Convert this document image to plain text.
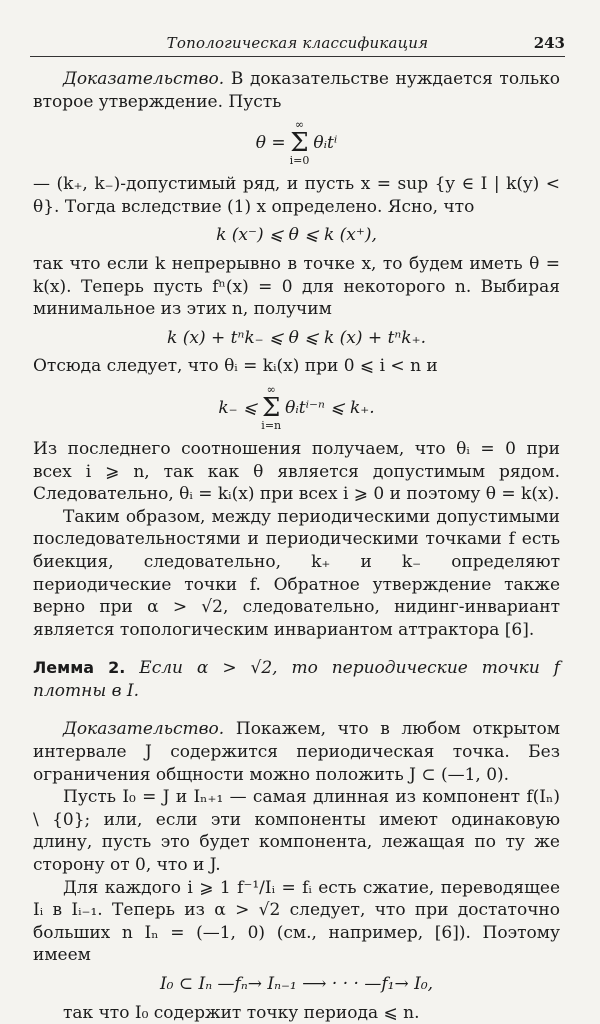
Топологическая классификация	243

Доказательство. В доказательстве нуждается только второе утверждение. Пусть

θ =
∞
Σ
i=0
θᵢtⁱ

— (k₊, k₋)-допустимый ряд, и пусть x = sup {y ∈ I | k(y) < θ}. Тогда вследствие (1) x определено. Ясно, что

k (x⁻) ⩽ θ ⩽ k (x⁺),

так что если k непрерывно в точке x, то будем иметь θ = k(x). Теперь пусть fⁿ(x) = 0 для некоторого n. Выбирая минимальное из этих n, получим

k (x) + tⁿk₋ ⩽ θ ⩽ k (x) + tⁿk₊.

Отсюда следует, что θᵢ = kᵢ(x) при 0 ⩽ i < n и

k₋ ⩽
∞
Σ
i=n
θᵢtⁱ⁻ⁿ ⩽ k₊.

Из последнего соотношения получаем, что θᵢ = 0 при всех i ⩾ n, так как θ является допустимым рядом. Следовательно, θᵢ = kᵢ(x) при всех i ⩾ 0 и поэтому θ = k(x).

Таким образом, между периодическими допустимыми последовательностями и периодическими точками f есть биекция, следовательно, k₊ и k₋ определяют периодические точки f. Обратное утверждение также верно при α > √2, следовательно, нидинг-инвариант является топологическим инвариантом аттрактора [6].

Лемма 2. Если α > √2, то периодические точки f плотны в I.

Доказательство. Покажем, что в любом открытом интервале J содержится периодическая точка. Без ограничения общности можно положить J ⊂ (—1, 0).

Пусть I₀ = J и Iₙ₊₁ — самая длинная из компонент f(Iₙ) \ {0}; или, если эти компоненты имеют одинаковую длину, пусть это будет компонента, лежащая по ту же сторону от 0, что и J.

Для каждого i ⩾ 1 f⁻¹/Iᵢ = fᵢ есть сжатие, переводящее Iᵢ в Iᵢ₋₁. Теперь из α > √2 следует, что при достаточно больших n Iₙ = (—1, 0) (см., например, [6]). Поэтому имеем

I₀ ⊂ Iₙ —fₙ→ Iₙ₋₁ ⟶ · · · —f₁→ I₀,

так что I₀ содержит точку периода ⩽ n.
